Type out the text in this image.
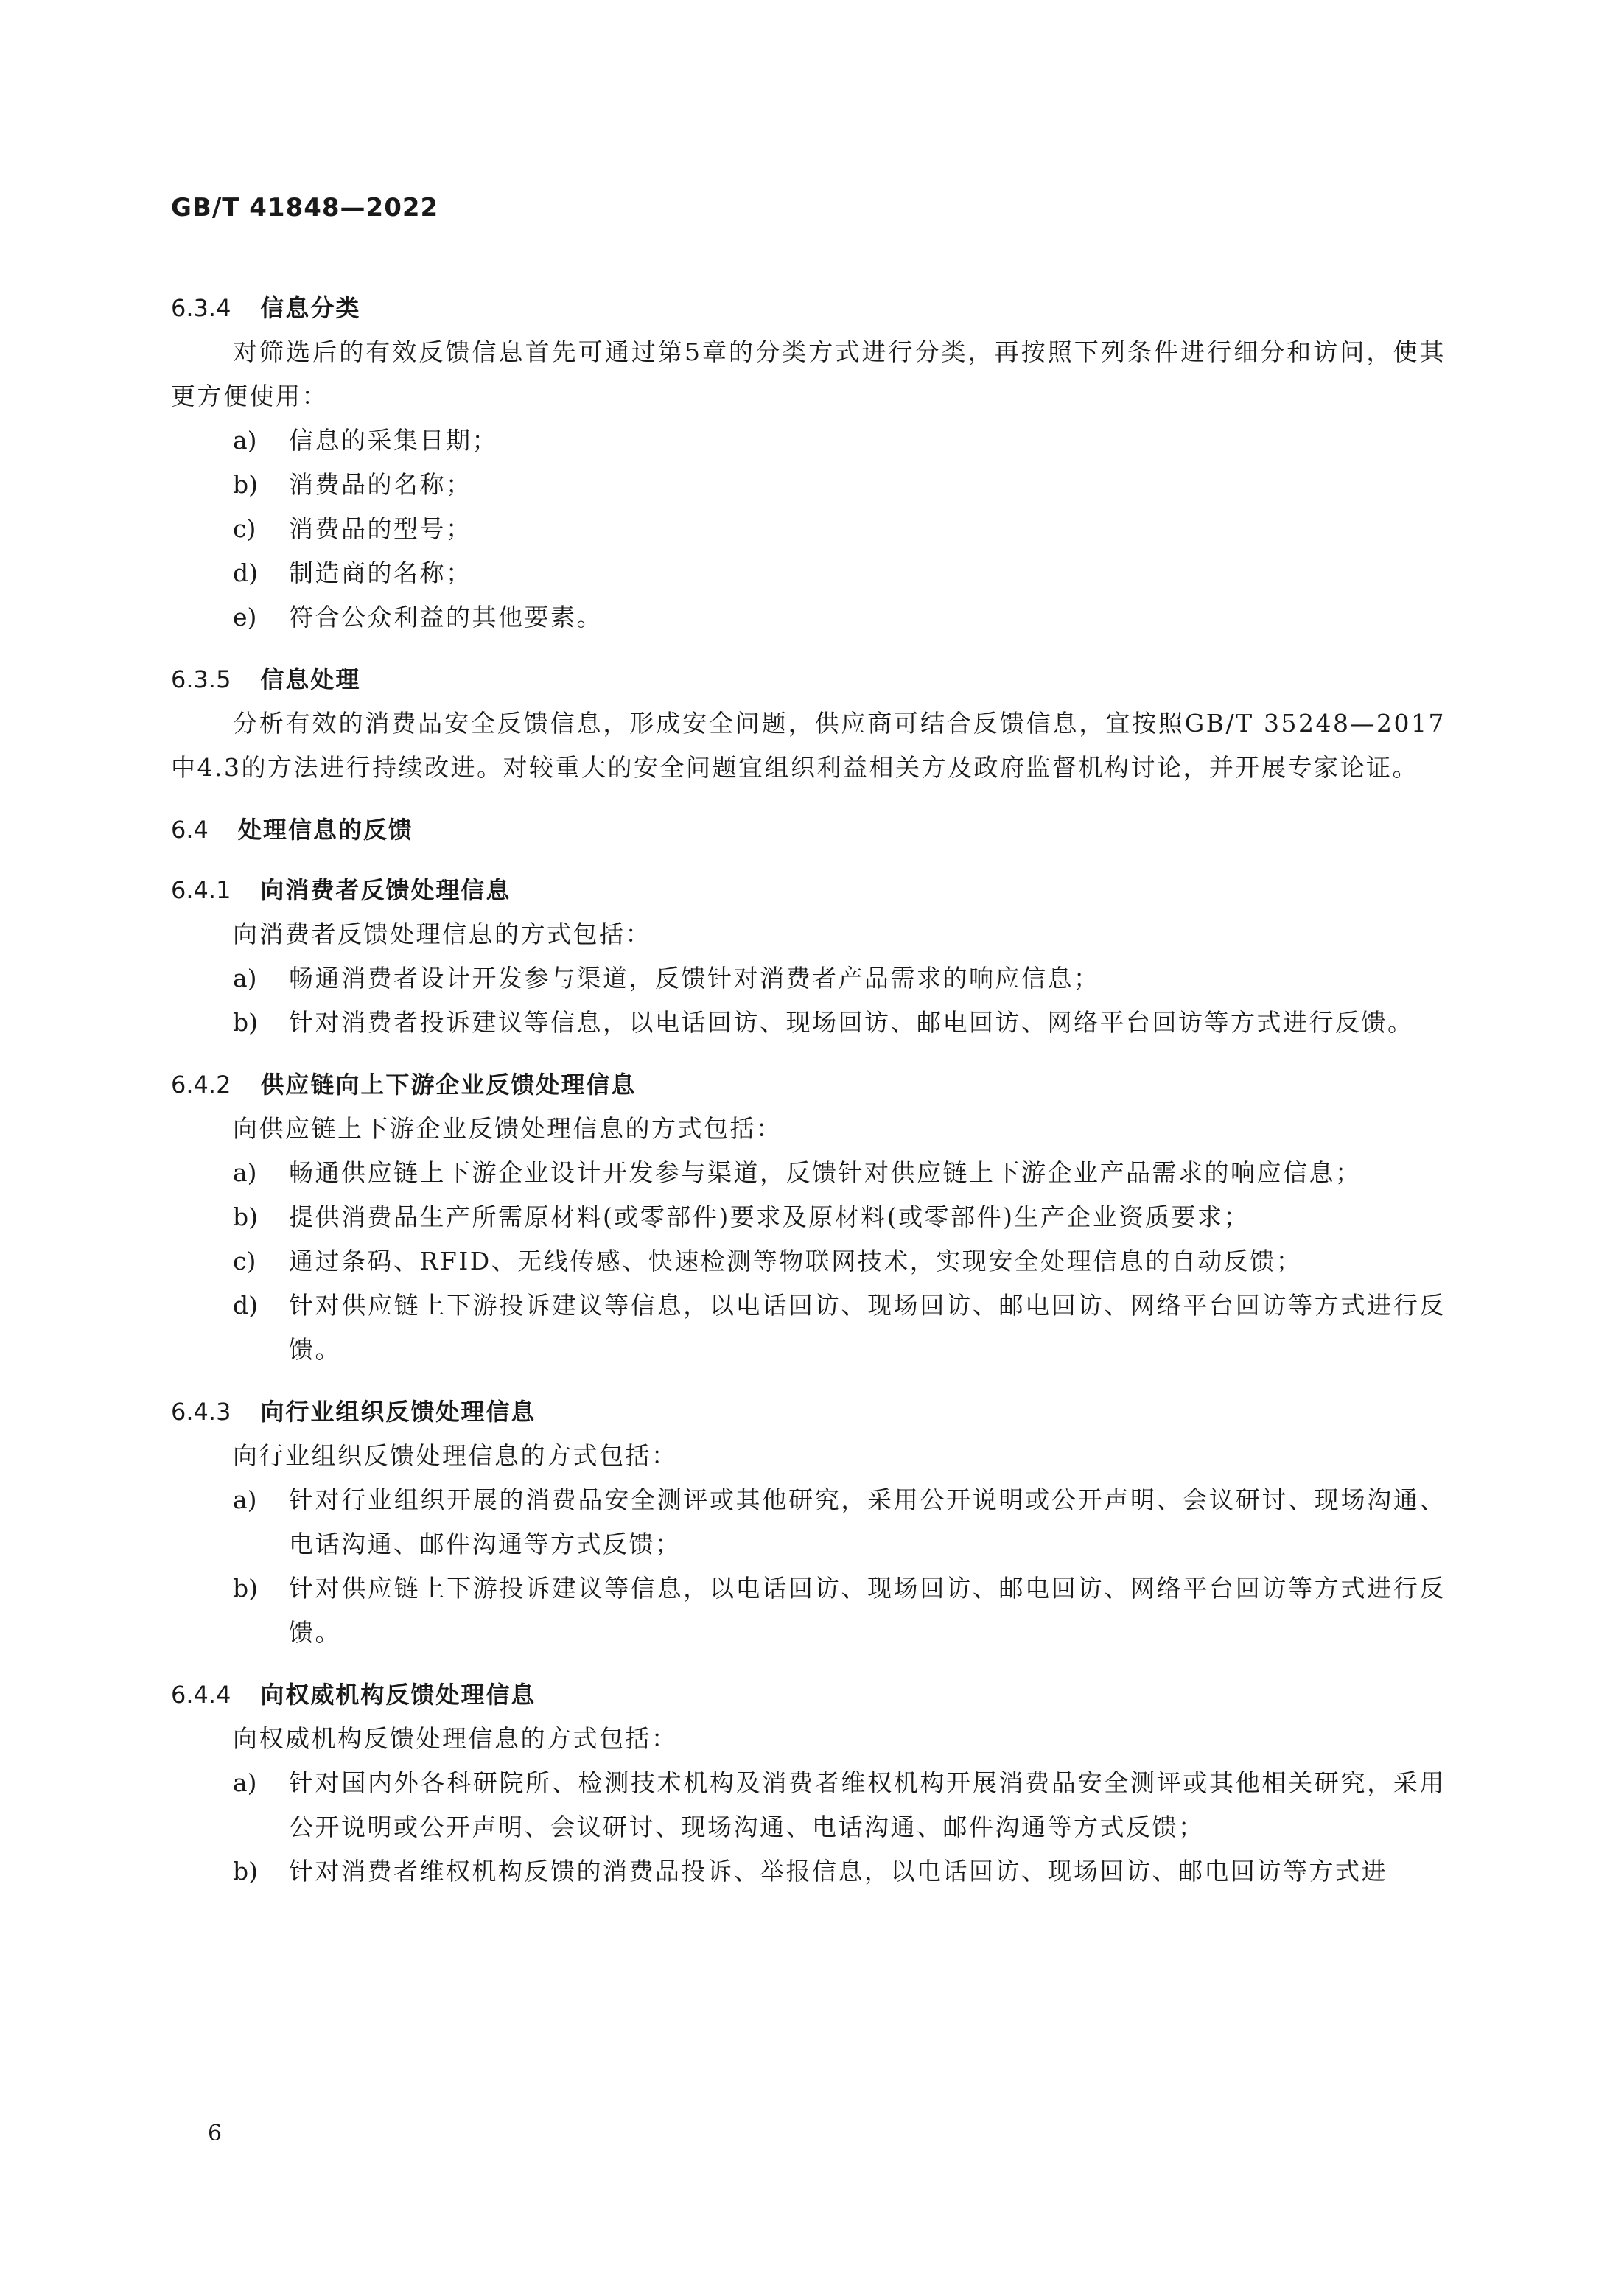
GB/T 41848—2022
6.3.4 信息分类

对筛选后的有效反馈信息首先可通过第5章的分类方式进行分类，再按照下列条件进行细分和访问，使其更方便使用：

a)	信息的采集日期；
b)	消费品的名称；
c)	消费品的型号；
d)	制造商的名称；
e)	符合公众利益的其他要素。
6.3.5 信息处理

分析有效的消费品安全反馈信息，形成安全问题，供应商可结合反馈信息，宜按照GB/T 35248—2017中4.3的方法进行持续改进。对较重大的安全问题宜组织利益相关方及政府监督机构讨论，并开展专家论证。

6.4 处理信息的反馈
6.4.1 向消费者反馈处理信息

向消费者反馈处理信息的方式包括：

a)	畅通消费者设计开发参与渠道，反馈针对消费者产品需求的响应信息；
b)	针对消费者投诉建议等信息，以电话回访、现场回访、邮电回访、网络平台回访等方式进行反馈。
6.4.2 供应链向上下游企业反馈处理信息

向供应链上下游企业反馈处理信息的方式包括：

a)	畅通供应链上下游企业设计开发参与渠道，反馈针对供应链上下游企业产品需求的响应信息；
b)	提供消费品生产所需原材料(或零部件)要求及原材料(或零部件)生产企业资质要求；
c)	通过条码、RFID、无线传感、快速检测等物联网技术，实现安全处理信息的自动反馈；
d)	针对供应链上下游投诉建议等信息，以电话回访、现场回访、邮电回访、网络平台回访等方式进行反馈。
6.4.3 向行业组织反馈处理信息

向行业组织反馈处理信息的方式包括：

a)	针对行业组织开展的消费品安全测评或其他研究，采用公开说明或公开声明、会议研讨、现场沟通、电话沟通、邮件沟通等方式反馈；
b)	针对供应链上下游投诉建议等信息，以电话回访、现场回访、邮电回访、网络平台回访等方式进行反馈。
6.4.4 向权威机构反馈处理信息

向权威机构反馈处理信息的方式包括：

a)	针对国内外各科研院所、检测技术机构及消费者维权机构开展消费品安全测评或其他相关研究，采用公开说明或公开声明、会议研讨、现场沟通、电话沟通、邮件沟通等方式反馈；
b)	针对消费者维权机构反馈的消费品投诉、举报信息，以电话回访、现场回访、邮电回访等方式进
6
